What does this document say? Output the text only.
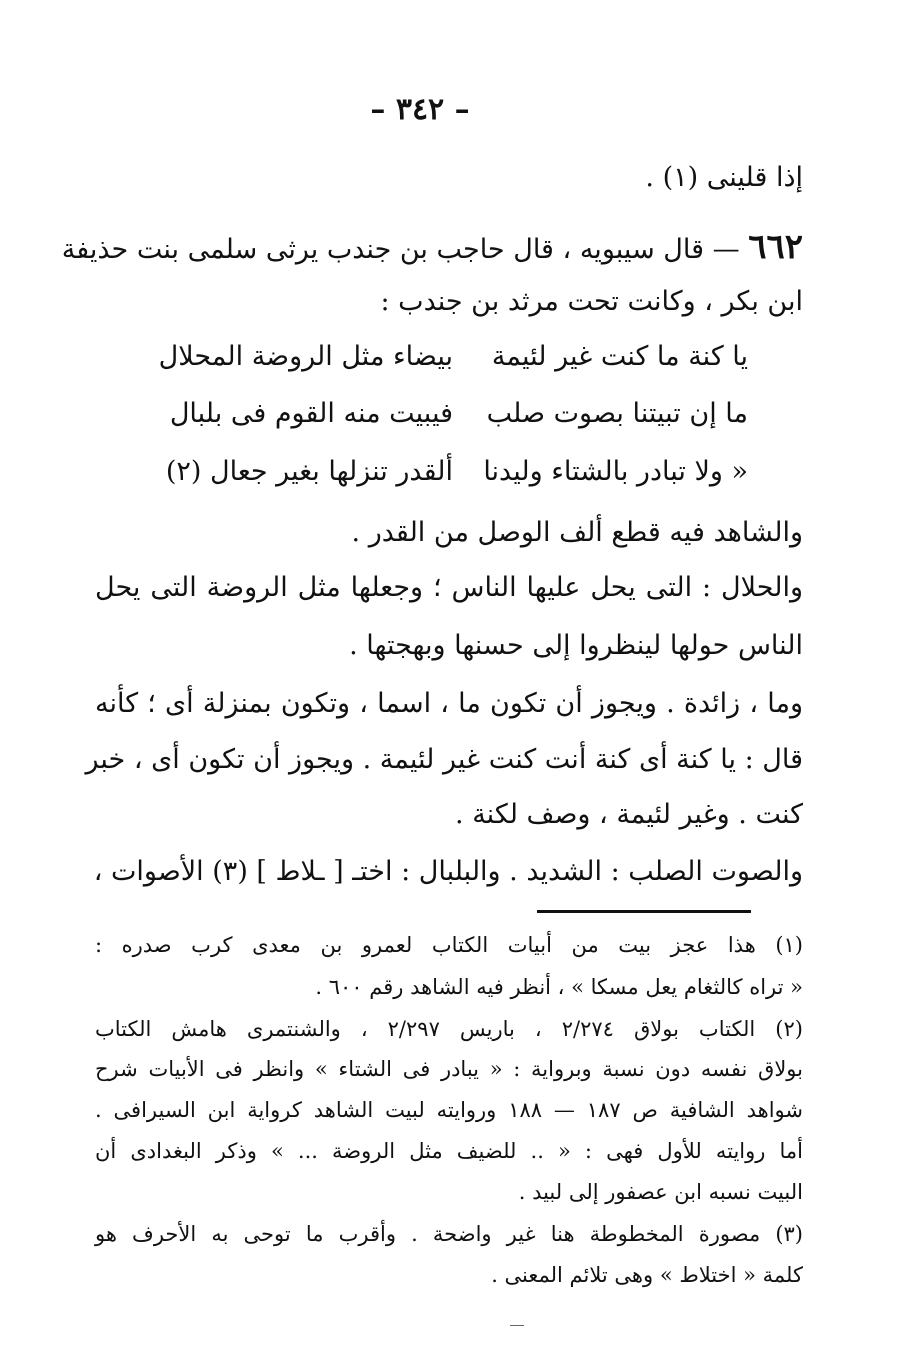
– ٣٤٢ –
إذا قلينى (١) .
٦٦٢ — قال سيبويه ، قال حاجب بن جندب يرثى سلمى بنت حذيفة
ابن بكر ، وكانت تحت مرثد بن جندب :
يا كنة ما كنت غير لئيمة
بيضاء مثل الروضة المحلال
ما إن تبيتنا بصوت صلب
فيبيت منه القوم فى بلبال
« ولا تبادر بالشتاء وليدنا
ألقدر تنزلها بغير جعال (٢)
والشاهد فيه قطع ألف الوصل من القدر .
والحلال : التى يحل عليها الناس ؛ وجعلها مثل الروضة التى يحل
الناس حولها لينظروا إلى حسنها وبهجتها .
وما ، زائدة . ويجوز أن تكون ما ، اسما ، وتكون بمنزلة أى ؛ كأنه
قال : يا كنة أى كنة أنت كنت غير لئيمة . ويجوز أن تكون أى ، خبر
كنت . وغير لئيمة ، وصف لكنة .
والصوت الصلب : الشديد . والبلبال : اختـ [ ـلاط ] (٣) الأصوات ،
(١) هذا عجز بيت من أبيات الكتاب لعمرو بن معدى كرب صدره :
« تراه كالثغام يعل مسكا » ، أنظر فيه الشاهد رقم ٦٠٠ .
(٢) الكتاب بولاق ٢/٢٧٤ ، باريس ٢/٢٩٧ ، والشنتمرى هامش الكتاب
بولاق نفسه دون نسبة وبرواية : « يبادر فى الشتاء » وانظر فى الأبيات شرح
شواهد الشافية ص ١٨٧ — ١٨٨ وروايته لبيت الشاهد كرواية ابن السيرافى .
أما روايته للأول فهى : « .. للضيف مثل الروضة ... » وذكر البغدادى أن
البيت نسبه ابن عصفور إلى لبيد .
(٣) مصورة المخطوطة هنا غير واضحة . وأقرب ما توحى به الأحرف هو
كلمة « اختلاط » وهى تلائم المعنى .
